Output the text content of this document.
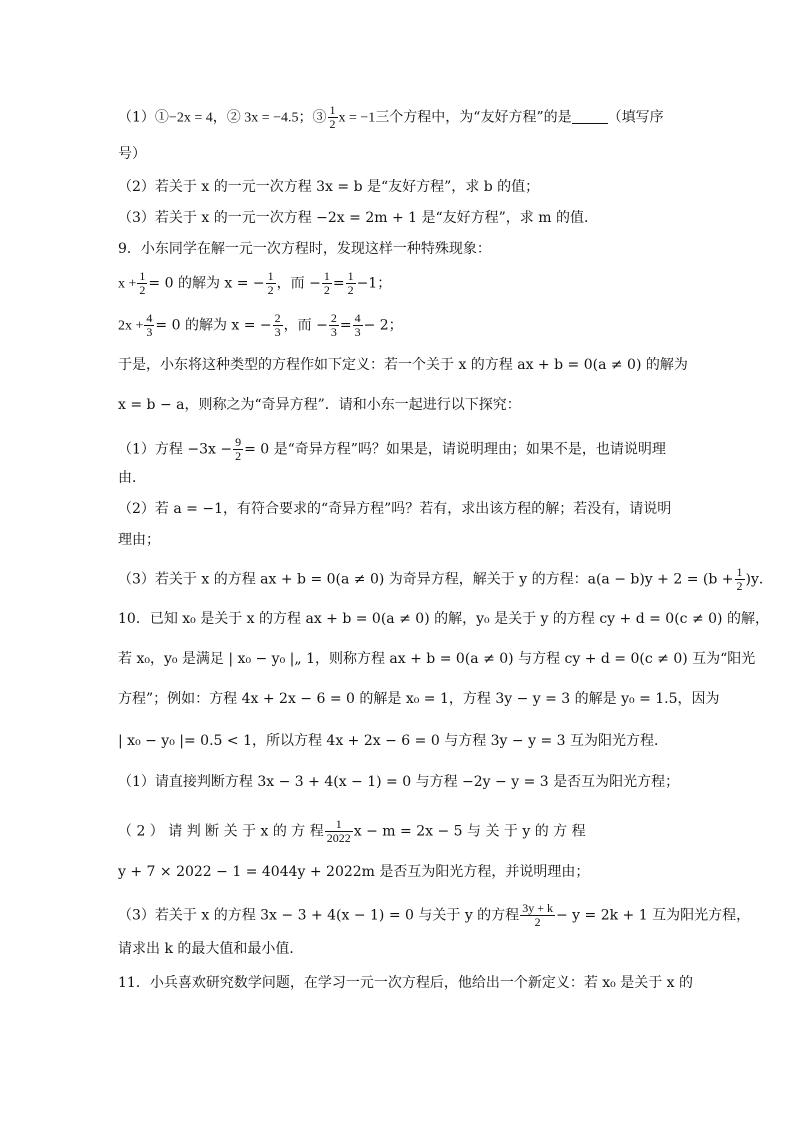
（1）①−2x = 4，② 3x = −4.5；③ $\frac{1}{2}$ x = −1三个方程中，为“友好方程”的是	（填写序
号）
（2）若关于 x 的一元一次方程 3x = b 是“友好方程”，求 b 的值；
（3）若关于 x 的一元一次方程 −2x = 2m + 1 是“友好方程”，求 m 的值．
9．小东同学在解一元一次方程时，发现这样一种特殊现象：
$x + \frac{1}{2} = 0$ 的解为 x = − $\frac{1}{2}$ ，而 − $\frac{1}{2} = \frac{1}{2} -1$；
$2x + \frac{4}{3} = 0$ 的解为 x = − $\frac{2}{3}$ ，而 − $\frac{2}{3} = \frac{4}{3} - 2$；
于是，小东将这种类型的方程作如下定义：若一个关于 x 的方程 ax + b = 0(a ≠ 0) 的解为
x = b − a，则称之为“奇异方程”．请和小东一起进行以下探究：
（1）方程 $-3x - \frac{9}{2} = 0$ 是“奇异方程”吗？如果是，请说明理由；如果不是，也请说明理
由．
（2）若 a = −1，有符合要求的“奇异方程”吗？若有，求出该方程的解；若没有，请说明
理由；
（3）若关于 x 的方程 ax + b = 0(a ≠ 0) 为奇异方程，解关于 y 的方程：$a(a - b)y + 2 = (b + \frac{1}{2} )y$．
10．已知 x₀ 是关于 x 的方程 ax + b = 0(a ≠ 0) 的解，y₀ 是关于 y 的方程 cy + d = 0(c ≠ 0) 的解，
若 x₀，y₀ 是满足 | x₀ − y₀ |„ 1，则称方程 ax + b = 0(a ≠ 0) 与方程 cy + d = 0(c ≠ 0) 互为“阳光
方程”；例如：方程 4x + 2x − 6 = 0 的解是 x₀ = 1，方程 3y − y = 3 的解是 y₀ = 1.5，因为
| x₀ − y₀ |= 0.5 < 1，所以方程 4x + 2x − 6 = 0 与方程 3y − y = 3 互为阳光方程．
（1）请直接判断方程 3x − 3 + 4(x − 1) = 0 与方程 −2y − y = 3 是否互为阳光方程；
（ 2 ） 请 判 断 关 于 x 的 方 程 $\frac{1}{2022}$ x − m = 2x − 5 与 关 于 y 的 方 程
y + 7 × 2022 − 1 = 4044y + 2022m 是否互为阳光方程，并说明理由；
（3）若关于 x 的方程 3x − 3 + 4(x − 1) = 0 与关于 y 的方程 $\frac{3y + k}{2} - y = 2k + 1$ 互为阳光方程，
请求出 k 的最大值和最小值．
11．小兵喜欢研究数学问题，在学习一元一次方程后，他给出一个新定义：若 x₀ 是关于 x 的
